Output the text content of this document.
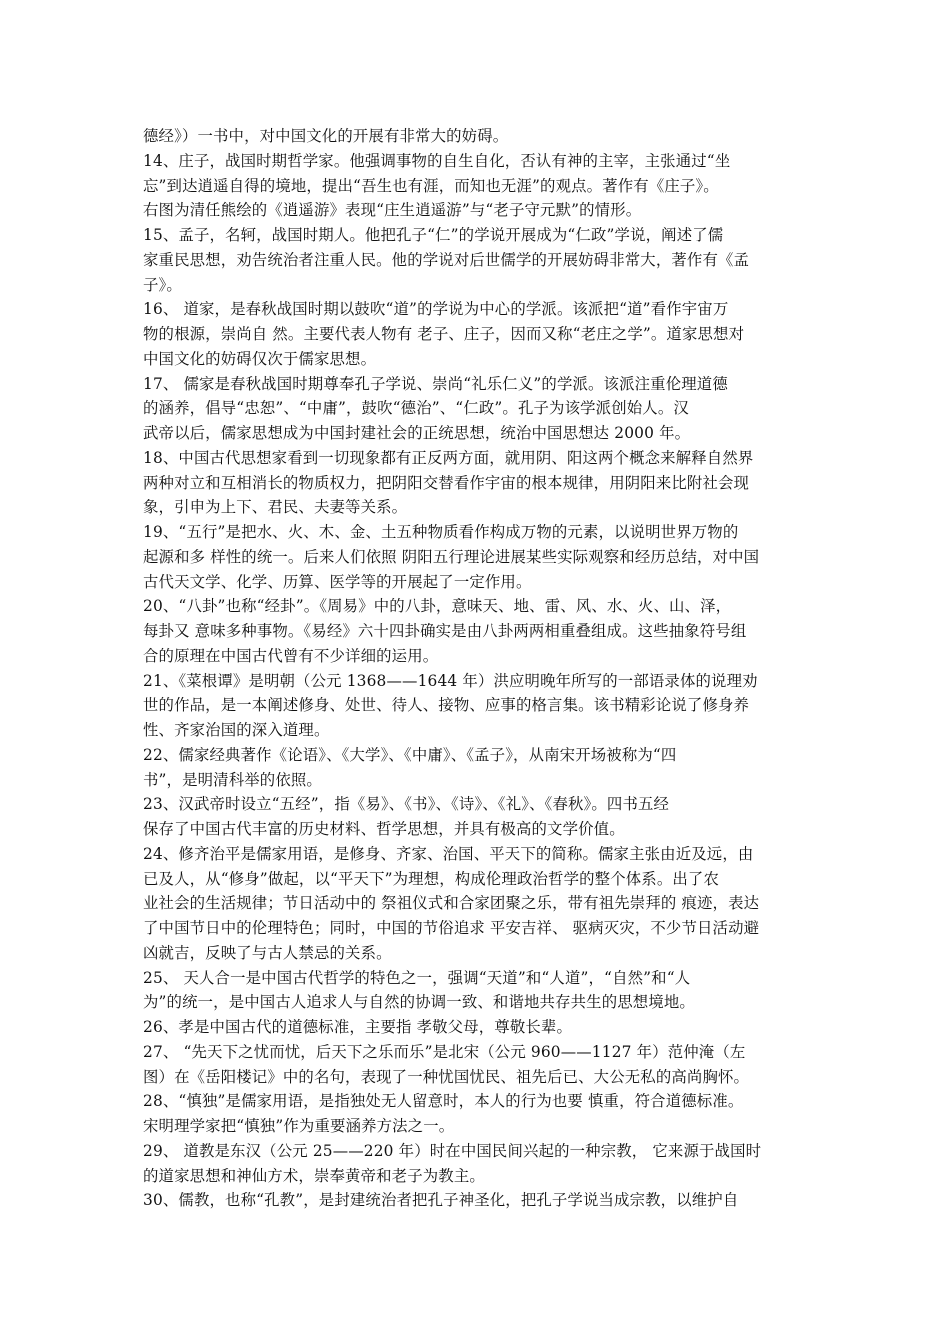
德经》）一书中，对中国文化的开展有非常大的妨碍。
14、庄子，战国时期哲学家。他强调事物的自生自化，否认有神的主宰，主张通过“坐
忘”到达逍遥自得的境地，提出“吾生也有涯，而知也无涯”的观点。著作有《庄子》。
右图为清任熊绘的《逍遥游》表现“庄生逍遥游”与“老子守元默”的情形。
15、孟子，名轲，战国时期人。他把孔子“仁”的学说开展成为“仁政”学说，阐述了儒
家重民思想，劝告统治者注重人民。他的学说对后世儒学的开展妨碍非常大，著作有《孟
子》。
16、 道家，是春秋战国时期以鼓吹“道”的学说为中心的学派。该派把“道”看作宇宙万
物的根源，崇尚自 然。主要代表人物有 老子、庄子，因而又称“老庄之学”。道家思想对
中国文化的妨碍仅次于儒家思想。
17、 儒家是春秋战国时期尊奉孔子学说、崇尚“礼乐仁义”的学派。该派注重伦理道德
的涵养，倡导“忠恕”、“中庸”，鼓吹“德治”、“仁政”。孔子为该学派创始人。汉
武帝以后，儒家思想成为中国封建社会的正统思想，统治中国思想达 2000 年。
18、中国古代思想家看到一切现象都有正反两方面，就用阴、阳这两个概念来解释自然界
两种对立和互相消长的物质权力，把阴阳交替看作宇宙的根本规律，用阴阳来比附社会现
象，引申为上下、君民、夫妻等关系。
19、“五行”是把水、火、木、金、土五种物质看作构成万物的元素，以说明世界万物的
起源和多 样性的统一。后来人们依照 阴阳五行理论进展某些实际观察和经历总结，对中国
古代天文学、化学、历算、医学等的开展起了一定作用。
20、“八卦”也称“经卦”。《周易》中的八卦，意味天、地、雷、风、水、火、山、泽，
每卦又 意味多种事物。《易经》六十四卦确实是由八卦两两相重叠组成。这些抽象符号组
合的原理在中国古代曾有不少详细的运用。
21、《菜根谭》是明朝（公元 1368——1644 年）洪应明晚年所写的一部语录体的说理劝
世的作品，是一本阐述修身、处世、待人、接物、应事的格言集。该书精彩论说了修身养
性、齐家治国的深入道理。
22、儒家经典著作《论语》、《大学》、《中庸》、《孟子》，从南宋开场被称为“四
书”，是明清科举的依照。
23、汉武帝时设立“五经”，指《易》、《书》、《诗》、《礼》、《春秋》。四书五经
保存了中国古代丰富的历史材料、哲学思想，并具有极高的文学价值。
24、修齐治平是儒家用语，是修身、齐家、治国、平天下的简称。儒家主张由近及远，由
已及人，从“修身”做起，以“平天下”为理想，构成伦理政治哲学的整个体系。出了农
业社会的生活规律；节日活动中的 祭祖仪式和合家团聚之乐，带有祖先崇拜的 痕迹，表达
了中国节日中的伦理特色；同时，中国的节俗追求 平安吉祥、 驱病灭灾，不少节日活动避
凶就吉，反映了与古人禁忌的关系。
25、 天人合一是中国古代哲学的特色之一，强调“天道”和“人道”，“自然”和“人
为”的统一，是中国古人追求人与自然的协调一致、和谐地共存共生的思想境地。
26、孝是中国古代的道德标准，主要指 孝敬父母，尊敬长辈。
27、 “先天下之忧而忧，后天下之乐而乐”是北宋（公元 960——1127 年）范仲淹（左
图）在《岳阳楼记》中的名句，表现了一种忧国忧民、祖先后已、大公无私的高尚胸怀。
28、“慎独”是儒家用语，是指独处无人留意时，本人的行为也要 慎重，符合道德标准。
宋明理学家把“慎独”作为重要涵养方法之一。
29、 道教是东汉（公元 25——220 年）时在中国民间兴起的一种宗教， 它来源于战国时
的道家思想和神仙方术，崇奉黄帝和老子为教主。
30、儒教，也称“孔教”，是封建统治者把孔子神圣化，把孔子学说当成宗教，以维护自
